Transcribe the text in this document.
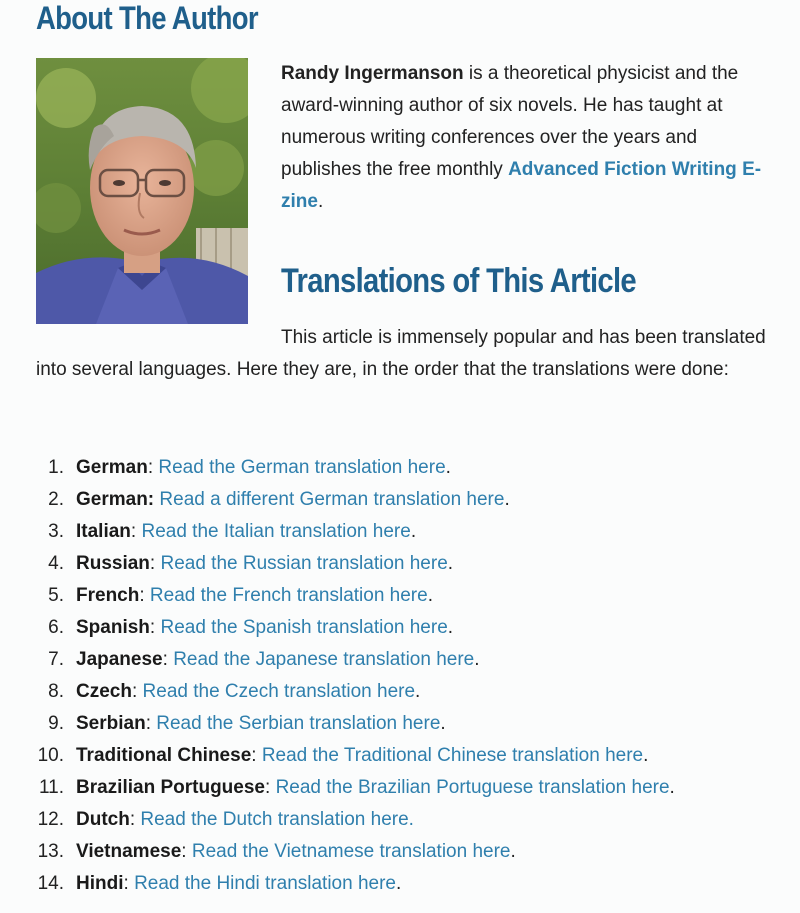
About The Author

Randy Ingermanson is a theoretical physicist and the award-winning author of six novels. He has taught at numerous writing conferences over the years and publishes the free monthly Advanced Fiction Writing E-zine.

Translations of This Article

This article is immensely popular and has been translated into several languages. Here they are, in the order that the translations were done:

1. German: Read the German translation here.
2. German: Read a different German translation here.
3. Italian: Read the Italian translation here.
4. Russian: Read the Russian translation here.
5. French: Read the French translation here.
6. Spanish: Read the Spanish translation here.
7. Japanese: Read the Japanese translation here.
8. Czech: Read the Czech translation here.
9. Serbian: Read the Serbian translation here.
10. Traditional Chinese: Read the Traditional Chinese translation here.
11. Brazilian Portuguese: Read the Brazilian Portuguese translation here.
12. Dutch: Read the Dutch translation here.
13. Vietnamese: Read the Vietnamese translation here.
14. Hindi: Read the Hindi translation here.
